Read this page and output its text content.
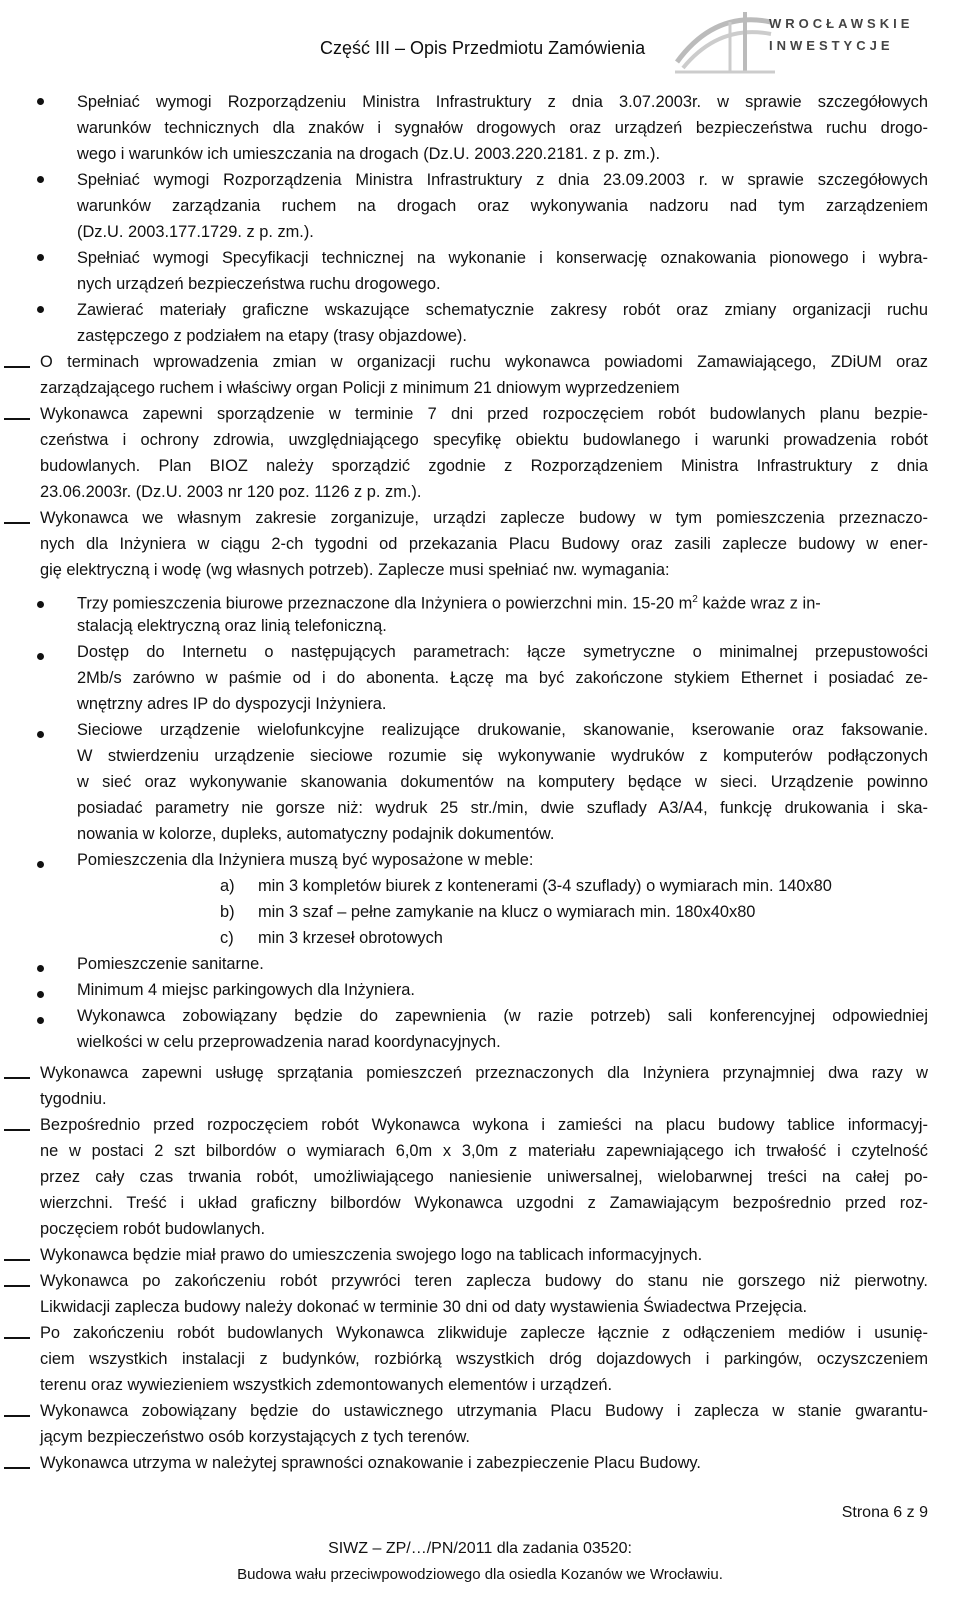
Część III – Opis Przedmiotu Zamówienia
WROCŁAWSKIE
INWESTYCJE
Spełniać wymogi Rozporządzeniu Ministra Infrastruktury z dnia 3.07.2003r. w sprawie szczegółowych
warunków technicznych dla znaków i sygnałów drogowych oraz urządzeń bezpieczeństwa ruchu drogo-
wego i warunków ich umieszczania na drogach (Dz.U. 2003.220.2181. z p. zm.).
Spełniać wymogi Rozporządzenia Ministra Infrastruktury z dnia 23.09.2003 r. w sprawie szczegółowych
warunków zarządzania ruchem na drogach oraz wykonywania nadzoru nad tym zarządzeniem
(Dz.U. 2003.177.1729. z p. zm.).
Spełniać wymogi Specyfikacji technicznej na wykonanie i konserwację oznakowania pionowego i wybra-
nych urządzeń bezpieczeństwa ruchu drogowego.
Zawierać materiały graficzne wskazujące schematycznie zakresy robót oraz zmiany organizacji ruchu
zastępczego z podziałem na etapy (trasy objazdowe).
O terminach wprowadzenia zmian w organizacji ruchu wykonawca powiadomi Zamawiającego, ZDiUM oraz
zarządzającego ruchem i właściwy organ Policji z minimum 21 dniowym wyprzedzeniem
Wykonawca zapewni sporządzenie w terminie 7 dni przed rozpoczęciem robót budowlanych planu bezpie-
czeństwa i ochrony zdrowia, uwzględniającego specyfikę obiektu budowlanego i warunki prowadzenia robót
budowlanych. Plan BIOZ należy sporządzić zgodnie z Rozporządzeniem Ministra Infrastruktury z dnia
23.06.2003r. (Dz.U. 2003 nr 120 poz. 1126 z p. zm.).
Wykonawca we własnym zakresie zorganizuje, urządzi zaplecze budowy w tym pomieszczenia przeznaczo-
nych dla Inżyniera w ciągu 2-ch tygodni od przekazania Placu Budowy oraz zasili zaplecze budowy w ener-
gię elektryczną i wodę (wg własnych potrzeb). Zaplecze musi spełniać nw. wymagania:
Trzy pomieszczenia biurowe przeznaczone dla Inżyniera o powierzchni min. 15-20 $m^2$ każde wraz z in-
stalacją elektryczną oraz linią telefoniczną.
Dostęp do Internetu o następujących parametrach: łącze symetryczne o minimalnej przepustowości
2Mb/s zarówno w paśmie od i do abonenta. Łączę ma być zakończone stykiem Ethernet i posiadać ze-
wnętrzny adres IP do dyspozycji Inżyniera.
Sieciowe urządzenie wielofunkcyjne realizujące drukowanie, skanowanie, kserowanie oraz faksowanie.
W stwierdzeniu urządzenie sieciowe rozumie się wykonywanie wydruków z komputerów podłączonych
w sieć oraz wykonywanie skanowania dokumentów na komputery będące w sieci. Urządzenie powinno
posiadać parametry nie gorsze niż: wydruk 25 str./min, dwie szuflady A3/A4, funkcję drukowania i ska-
nowania w kolorze, dupleks, automatyczny podajnik dokumentów.
Pomieszczenia dla Inżyniera muszą być wyposażone w meble:
a) min 3 kompletów biurek z kontenerami (3-4 szuflady) o wymiarach min. 140x80
b) min 3 szaf – pełne zamykanie na klucz o wymiarach min. 180x40x80
c) min 3 krzeseł obrotowych
Pomieszczenie sanitarne.
Minimum 4 miejsc parkingowych dla Inżyniera.
Wykonawca zobowiązany będzie do zapewnienia (w razie potrzeb) sali konferencyjnej odpowiedniej
wielkości w celu przeprowadzenia narad koordynacyjnych.
Wykonawca zapewni usługę sprzątania pomieszczeń przeznaczonych dla Inżyniera przynajmniej dwa razy w
tygodniu.
Bezpośrednio przed rozpoczęciem robót Wykonawca wykona i zamieści na placu budowy tablice informacyj-
ne w postaci 2 szt bilbordów o wymiarach 6,0m x 3,0m z materiału zapewniającego ich trwałość i czytelność
przez cały czas trwania robót, umożliwiającego naniesienie uniwersalnej, wielobarwnej treści na całej po-
wierzchni. Treść i układ graficzny bilbordów Wykonawca uzgodni z Zamawiającym bezpośrednio przed roz-
poczęciem robót budowlanych.
Wykonawca będzie miał prawo do umieszczenia swojego logo na tablicach informacyjnych.
Wykonawca po zakończeniu robót przywróci teren zaplecza budowy do stanu nie gorszego niż pierwotny.
Likwidacji zaplecza budowy należy dokonać w terminie 30 dni od daty wystawienia Świadectwa Przejęcia.
Po zakończeniu robót budowlanych Wykonawca zlikwiduje zaplecze łącznie z odłączeniem mediów i usunię-
ciem wszystkich instalacji z budynków, rozbiórką wszystkich dróg dojazdowych i parkingów, oczyszczeniem
terenu oraz wywiezieniem wszystkich zdemontowanych elementów i urządzeń.
Wykonawca zobowiązany będzie do ustawicznego utrzymania Placu Budowy i zaplecza w stanie gwarantu-
jącym bezpieczeństwo osób korzystających z tych terenów.
Wykonawca utrzyma w należytej sprawności oznakowanie i zabezpieczenie Placu Budowy.
Strona 6 z 9
SIWZ – ZP/…/PN/2011 dla zadania 03520:
Budowa wału przeciwpowodziowego dla osiedla Kozanów we Wrocławiu.
